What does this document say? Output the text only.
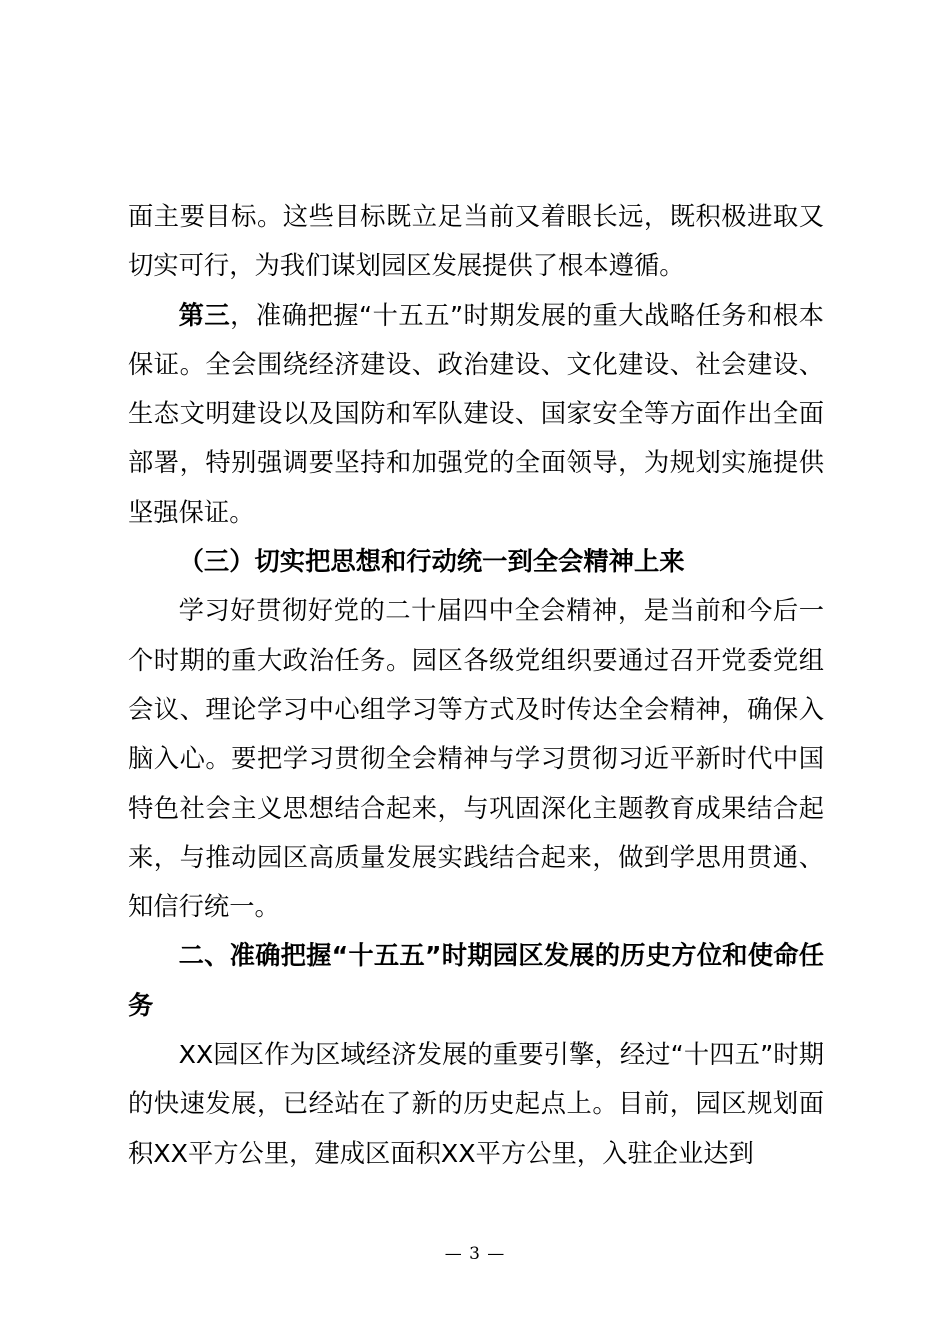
面主要目标。这些目标既立足当前又着眼长远，既积极进取又切实可行，为我们谋划园区发展提供了根本遵循。

第三，准确把握“十五五”时期发展的重大战略任务和根本保证。全会围绕经济建设、政治建设、文化建设、社会建设、生态文明建设以及国防和军队建设、国家安全等方面作出全面部署，特别强调要坚持和加强党的全面领导，为规划实施提供坚强保证。

（三）切实把思想和行动统一到全会精神上来

学习好贯彻好党的二十届四中全会精神，是当前和今后一个时期的重大政治任务。园区各级党组织要通过召开党委党组会议、理论学习中心组学习等方式及时传达全会精神，确保入脑入心。要把学习贯彻全会精神与学习贯彻习近平新时代中国特色社会主义思想结合起来，与巩固深化主题教育成果结合起来，与推动园区高质量发展实践结合起来，做到学思用贯通、知信行统一。

二、准确把握“十五五”时期园区发展的历史方位和使命任务

XX园区作为区域经济发展的重要引擎，经过“十四五”时期的快速发展，已经站在了新的历史起点上。目前，园区规划面积XX平方公里，建成区面积XX平方公里，入驻企业达到

— 3 —
